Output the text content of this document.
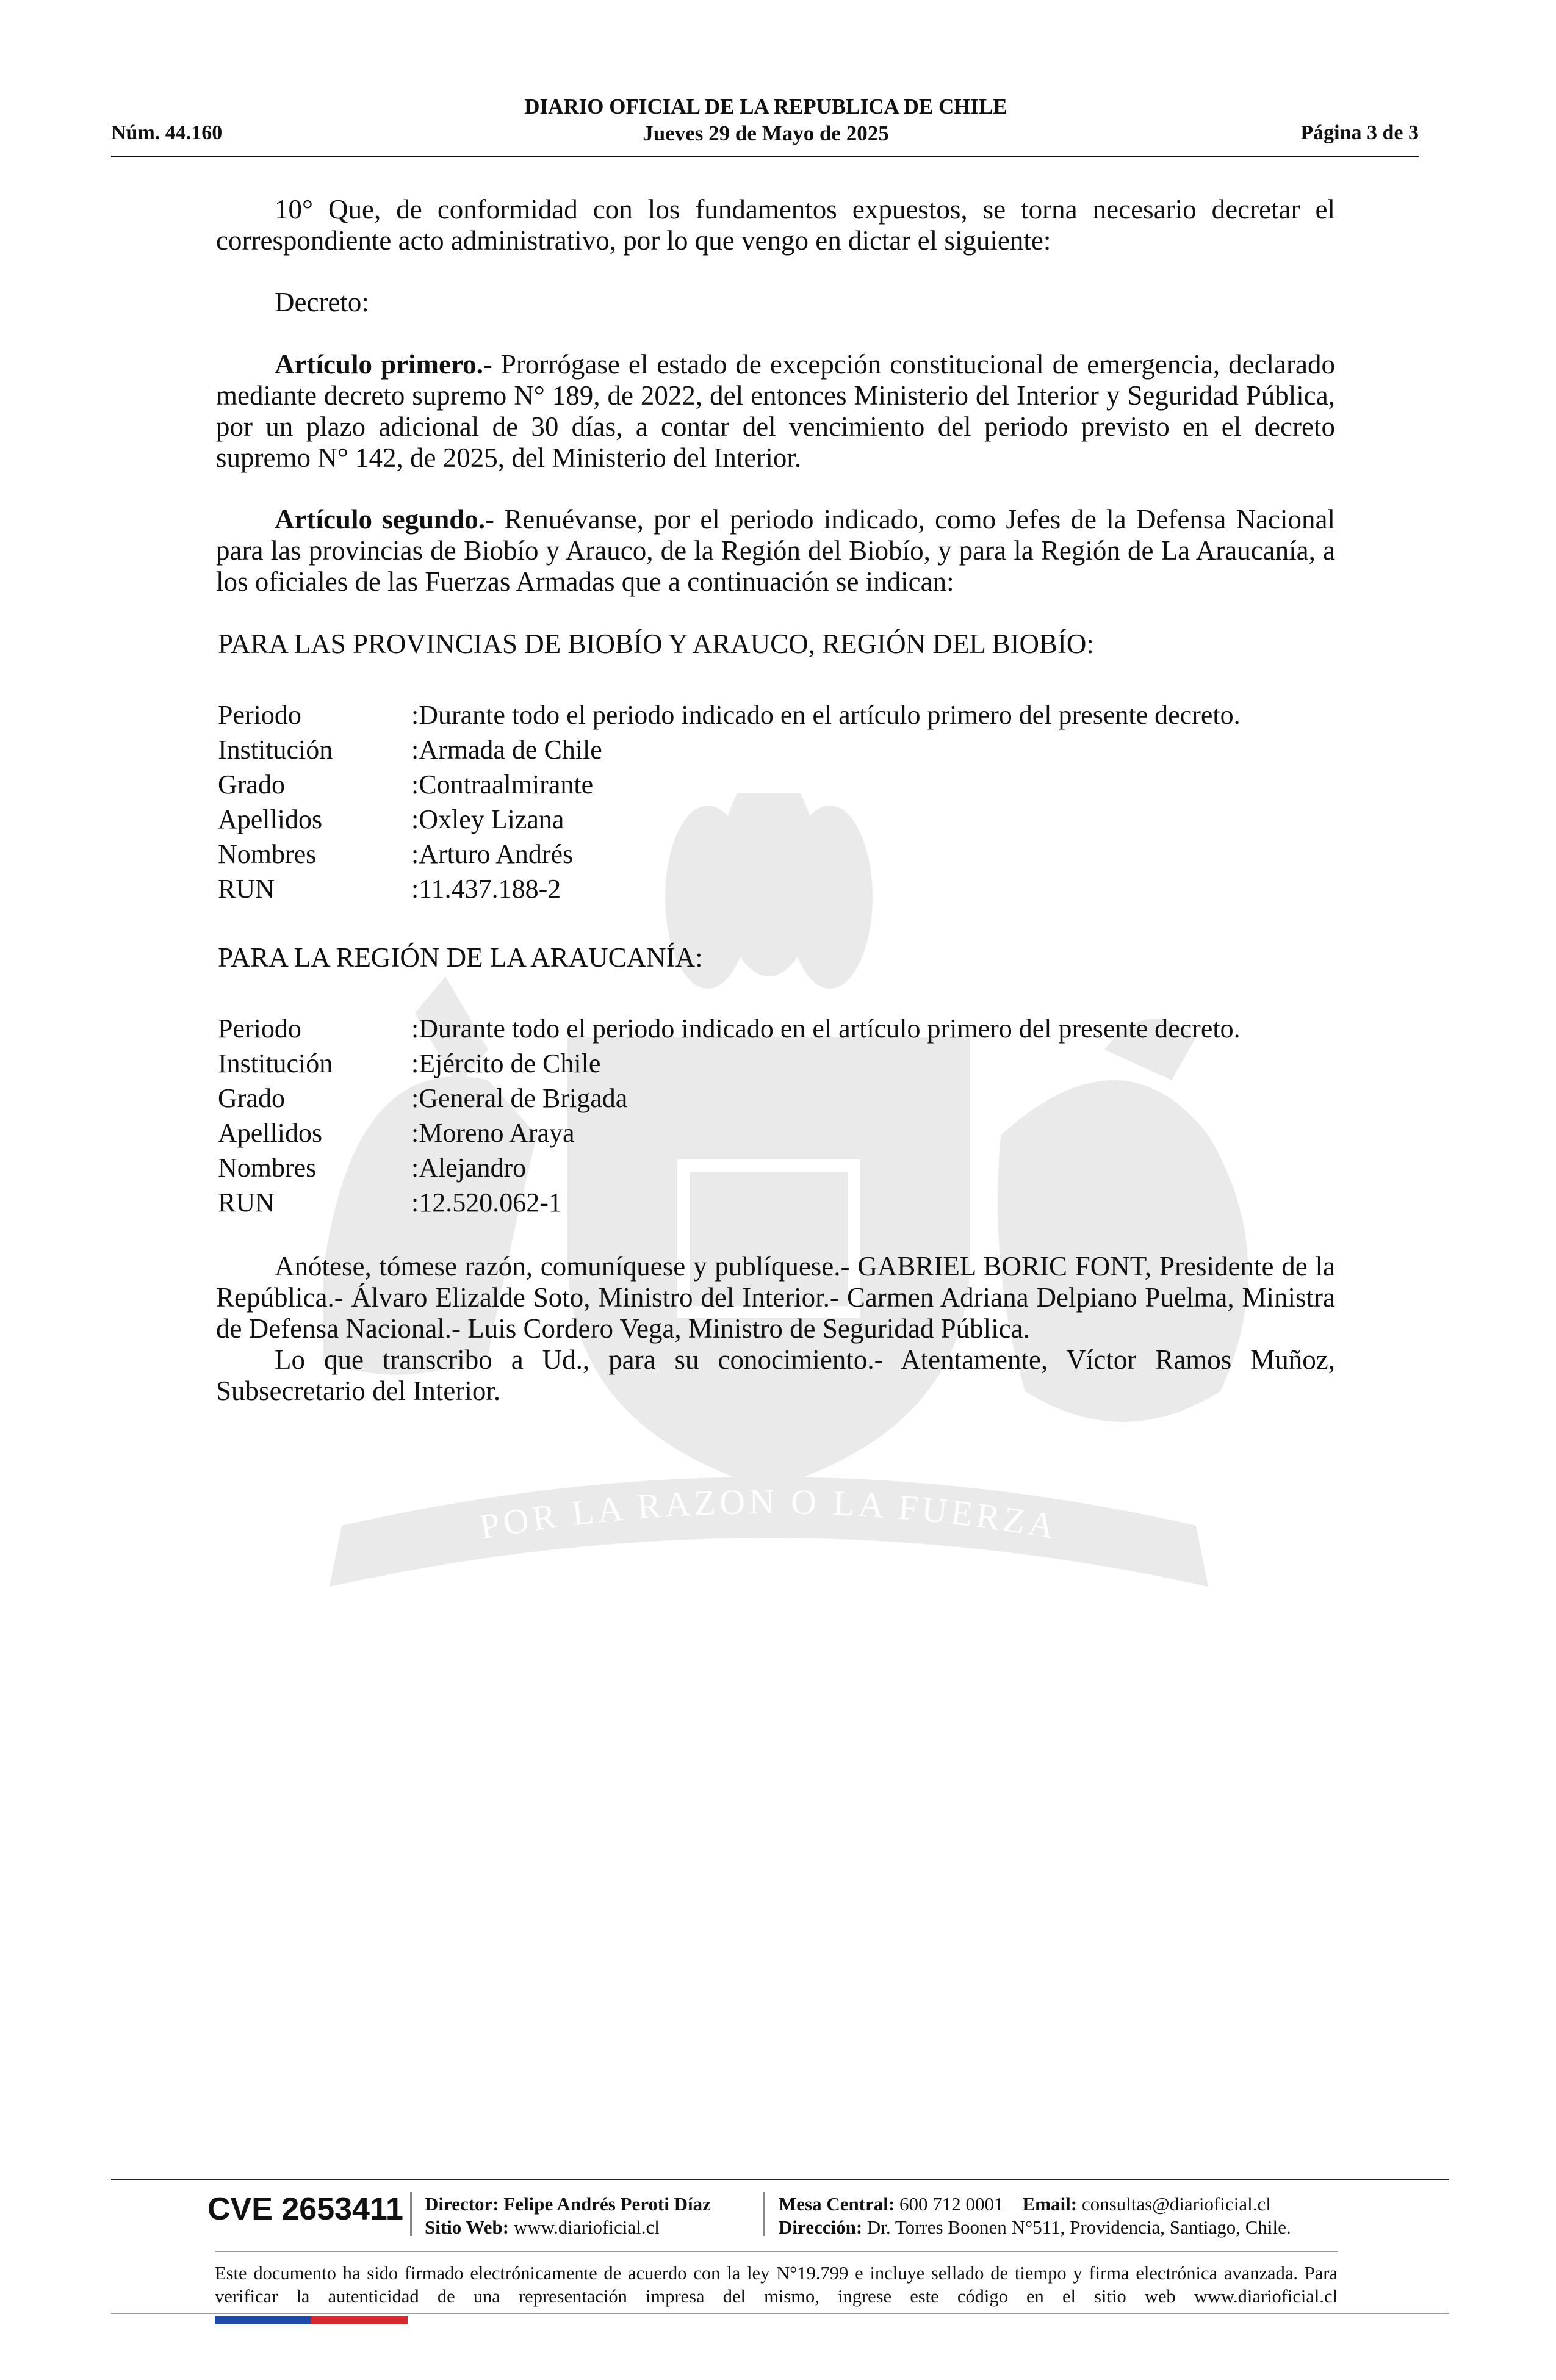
POR LA RAZON O LA FUERZA
DIARIO OFICIAL DE LA REPUBLICA DE CHILE
Núm. 44.160	Jueves 29 de Mayo de 2025	Página 3 de 3
10° Que, de conformidad con los fundamentos expuestos, se torna necesario decretar el correspondiente acto administrativo, por lo que vengo en dictar el siguiente:
Decreto:
Artículo primero.- Prorrógase el estado de excepción constitucional de emergencia, declarado mediante decreto supremo N° 189, de 2022, del entonces Ministerio del Interior y Seguridad Pública, por un plazo adicional de 30 días, a contar del vencimiento del periodo previsto en el decreto supremo N° 142, de 2025, del Ministerio del Interior.
Artículo segundo.- Renuévanse, por el periodo indicado, como Jefes de la Defensa Nacional para las provincias de Biobío y Arauco, de la Región del Biobío, y para la Región de La Araucanía, a los oficiales de las Fuerzas Armadas que a continuación se indican:
PARA LAS PROVINCIAS DE BIOBÍO Y ARAUCO, REGIÓN DEL BIOBÍO:
Periodo	:Durante todo el periodo indicado en el artículo primero del presente decreto.
Institución	:Armada de Chile
Grado	:Contraalmirante
Apellidos	:Oxley Lizana
Nombres	:Arturo Andrés
RUN	:11.437.188-2
PARA LA REGIÓN DE LA ARAUCANÍA:
Periodo	:Durante todo el periodo indicado en el artículo primero del presente decreto.
Institución	:Ejército de Chile
Grado	:General de Brigada
Apellidos	:Moreno Araya
Nombres	:Alejandro
RUN	:12.520.062-1
Anótese, tómese razón, comuníquese y publíquese.- GABRIEL BORIC FONT, Presidente de la República.- Álvaro Elizalde Soto, Ministro del Interior.- Carmen Adriana Delpiano Puelma, Ministra de Defensa Nacional.- Luis Cordero Vega, Ministro de Seguridad Pública.
Lo que transcribo a Ud., para su conocimiento.- Atentamente, Víctor Ramos Muñoz, Subsecretario del Interior.
CVE 2653411 Director: Felipe Andrés Peroti Díaz
Sitio Web: www.diarioficial.cl
Mesa Central: 600 712 0001 Email: consultas@diarioficial.cl
Dirección: Dr. Torres Boonen N°511, Providencia, Santiago, Chile.
Este documento ha sido firmado electrónicamente de acuerdo con la ley N°19.799 e incluye sellado de tiempo y firma electrónica avanzada. Para verificar la autenticidad de una representación impresa del mismo, ingrese este código en el sitio web www.diarioficial.cl
